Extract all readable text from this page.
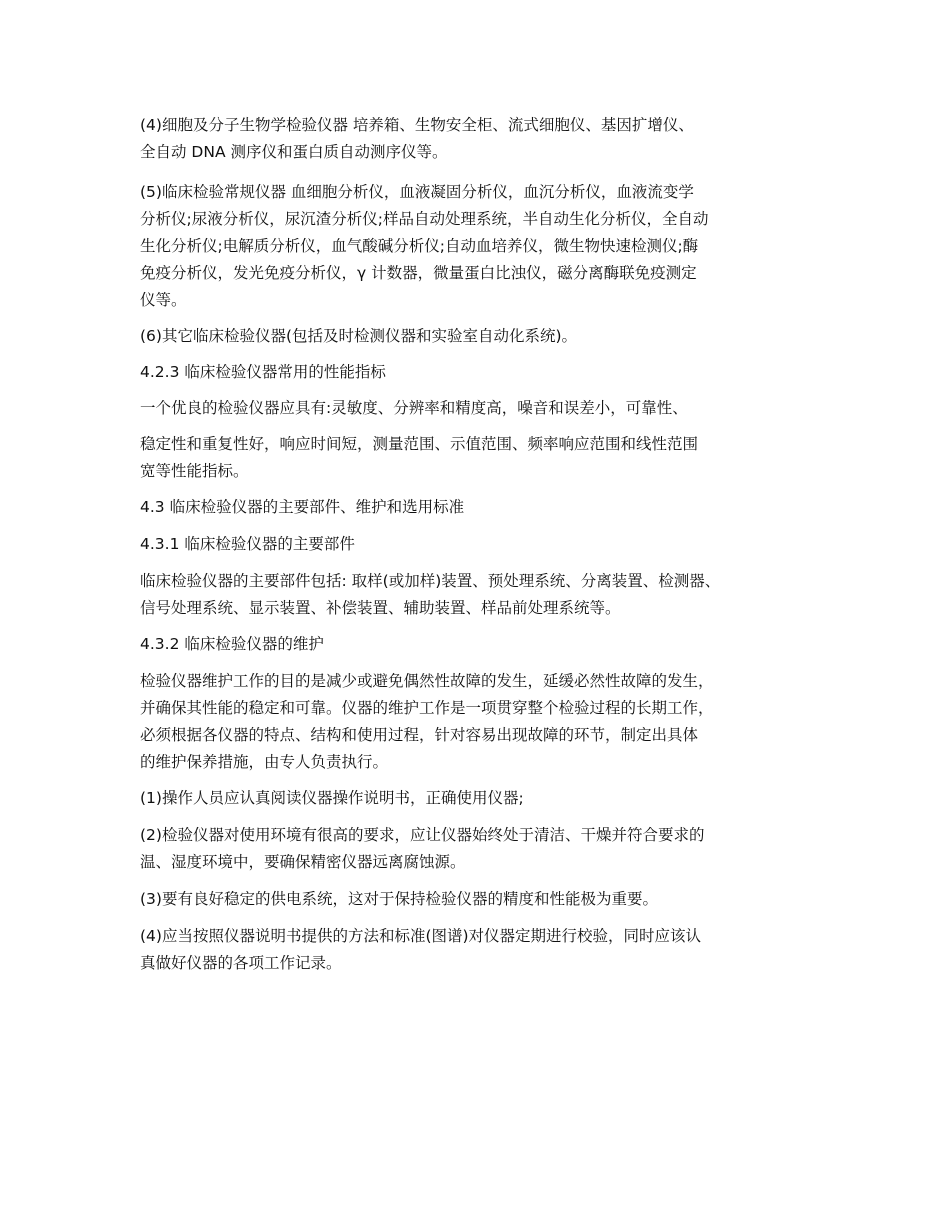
(4)细胞及分子生物学检验仪器 培养箱、生物安全柜、流式细胞仪、基因扩增仪、
全自动 DNA 测序仪和蛋白质自动测序仪等。

(5)临床检验常规仪器 血细胞分析仪，血液凝固分析仪，血沉分析仪，血液流变学
分析仪;尿液分析仪，尿沉渣分析仪;样品自动处理系统，半自动生化分析仪，全自动
生化分析仪;电解质分析仪，血气酸碱分析仪;自动血培养仪，微生物快速检测仪;酶
免疫分析仪，发光免疫分析仪，γ 计数器，微量蛋白比浊仪，磁分离酶联免疫测定
仪等。

(6)其它临床检验仪器(包括及时检测仪器和实验室自动化系统)。

4.2.3 临床检验仪器常用的性能指标

一个优良的检验仪器应具有:灵敏度、分辨率和精度高，噪音和误差小，可靠性、

稳定性和重复性好，响应时间短，测量范围、示值范围、频率响应范围和线性范围
宽等性能指标。

4.3 临床检验仪器的主要部件、维护和选用标准

4.3.1 临床检验仪器的主要部件

临床检验仪器的主要部件包括: 取样(或加样)装置、预处理系统、分离装置、检测器、
信号处理系统、显示装置、补偿装置、辅助装置、样品前处理系统等。

4.3.2 临床检验仪器的维护

检验仪器维护工作的目的是减少或避免偶然性故障的发生，延缓必然性故障的发生，
并确保其性能的稳定和可靠。仪器的维护工作是一项贯穿整个检验过程的长期工作，
必须根据各仪器的特点、结构和使用过程，针对容易出现故障的环节，制定出具体
的维护保养措施，由专人负责执行。

(1)操作人员应认真阅读仪器操作说明书，正确使用仪器;

(2)检验仪器对使用环境有很高的要求，应让仪器始终处于清洁、干燥并符合要求的
温、湿度环境中，要确保精密仪器远离腐蚀源。

(3)要有良好稳定的供电系统，这对于保持检验仪器的精度和性能极为重要。

(4)应当按照仪器说明书提供的方法和标准(图谱)对仪器定期进行校验，同时应该认
真做好仪器的各项工作记录。
